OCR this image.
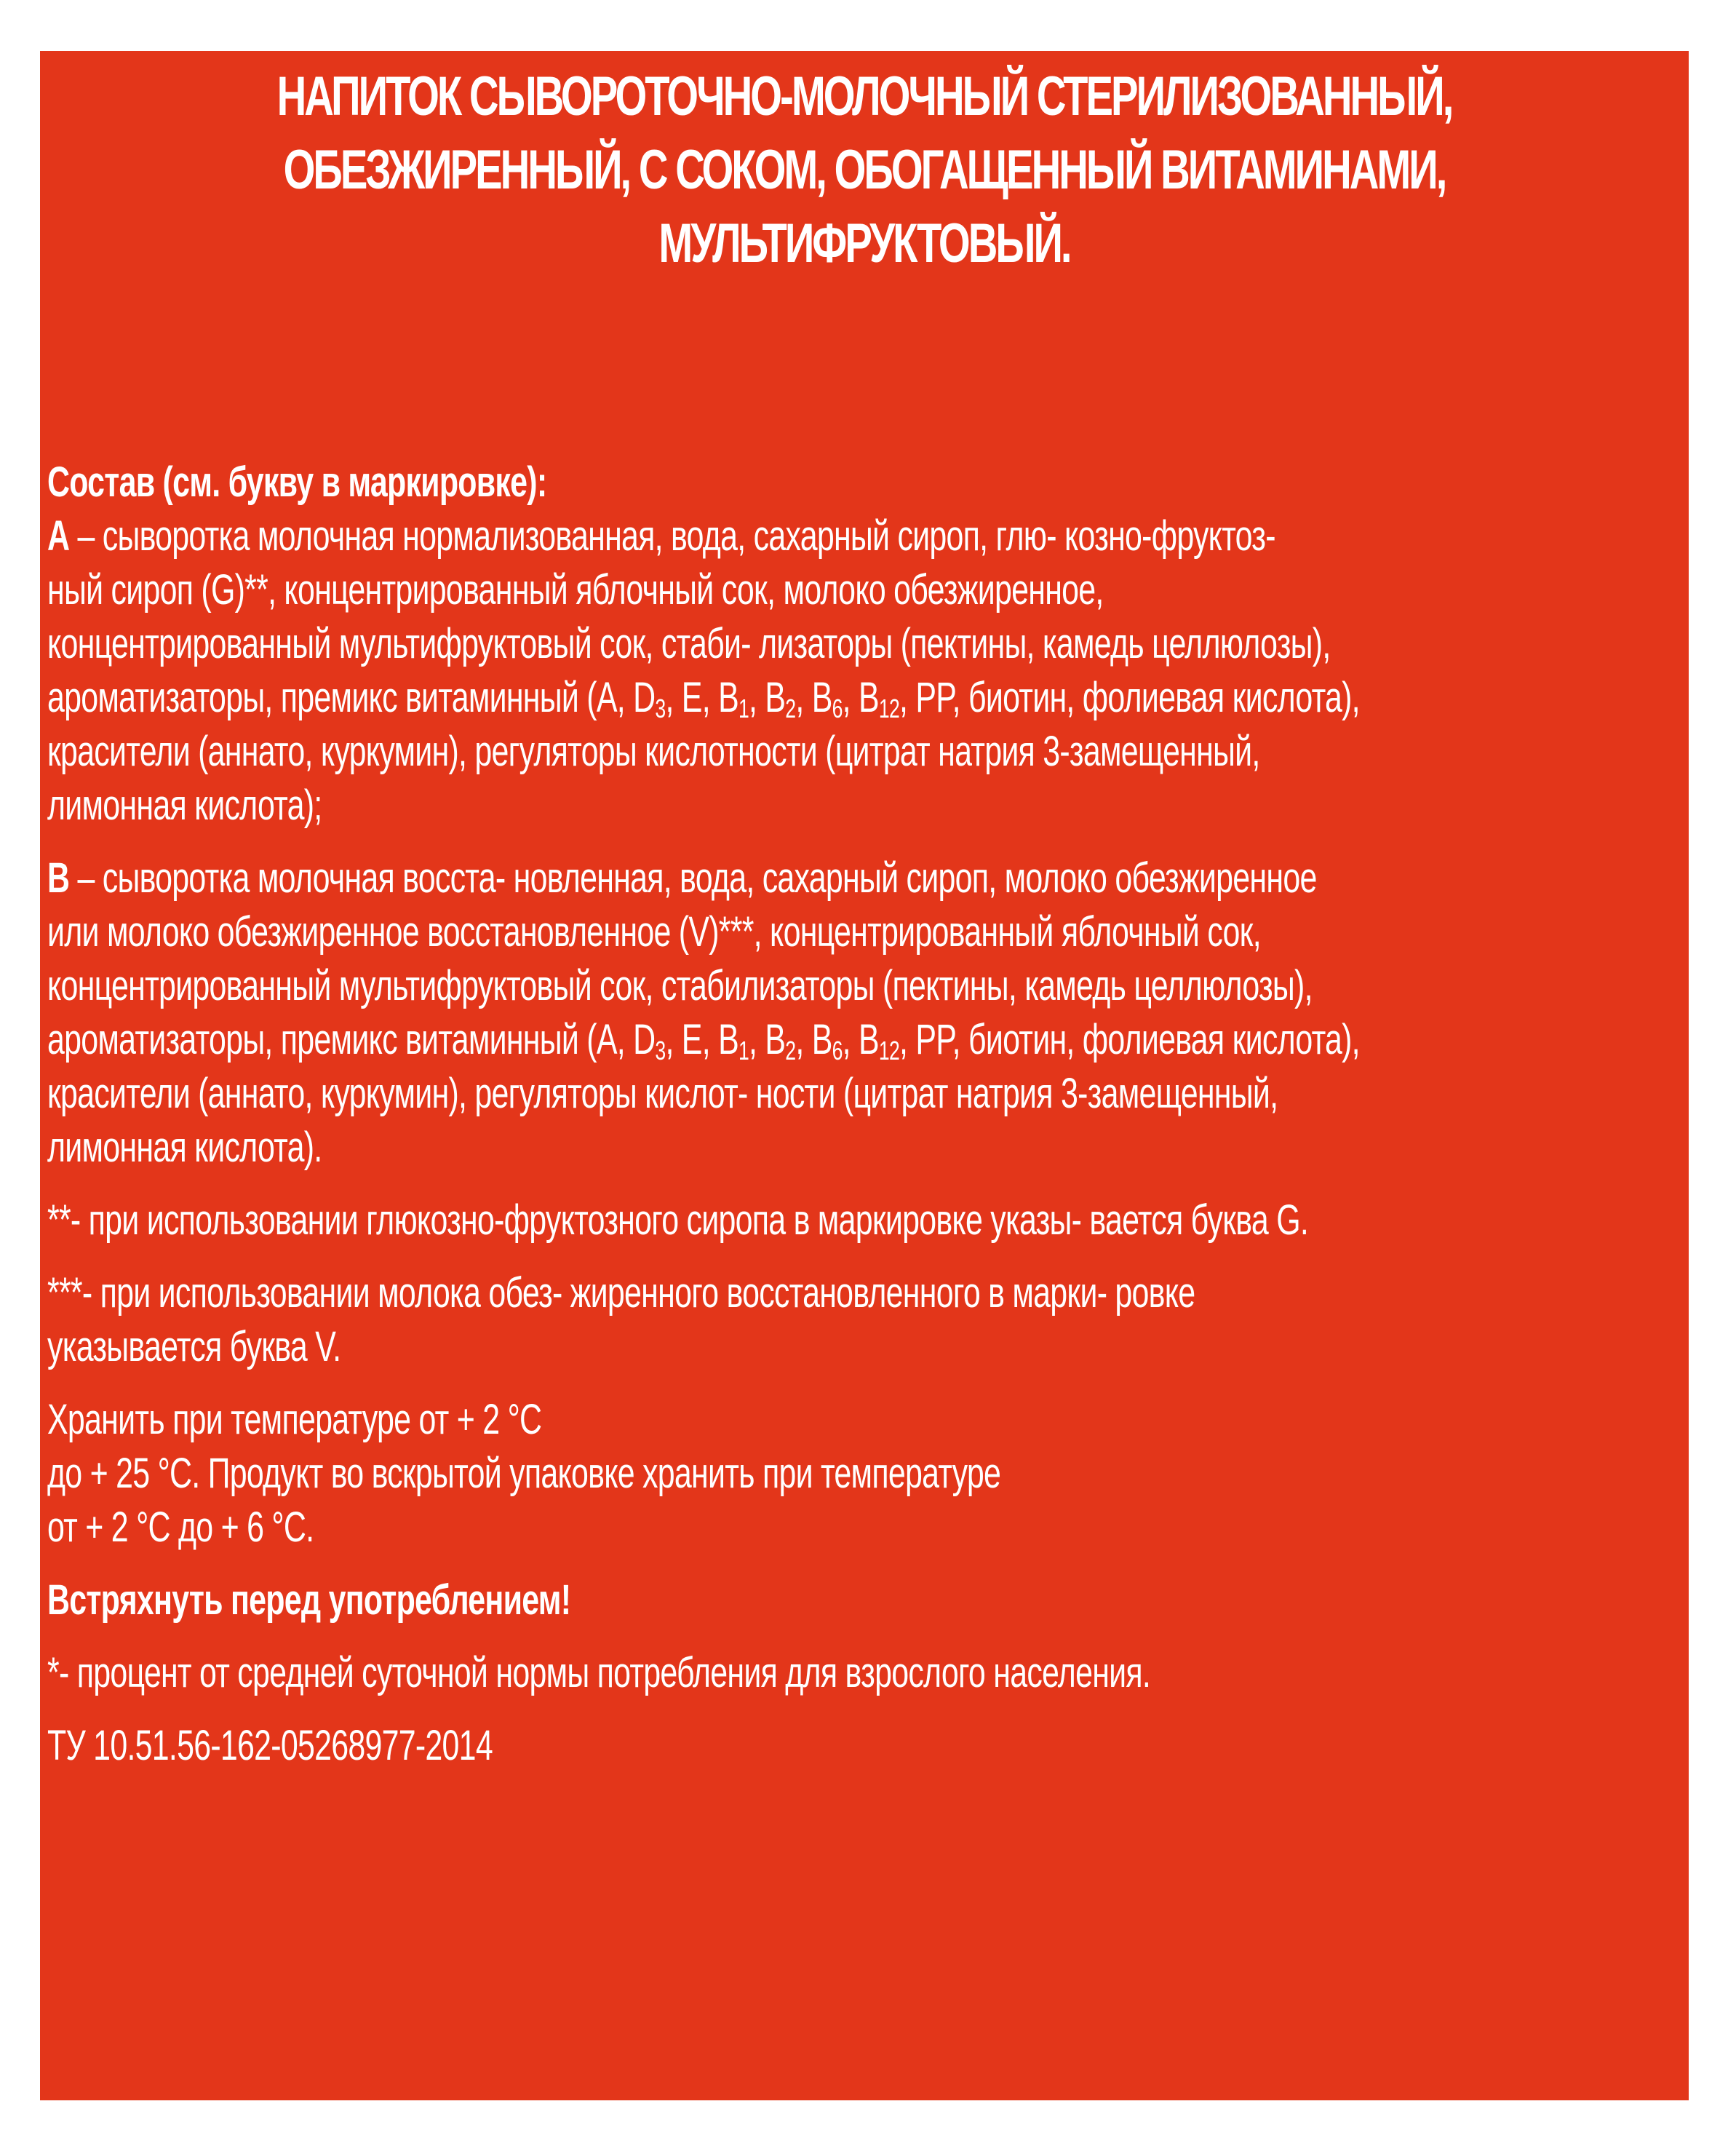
НАПИТОК СЫВОРОТОЧНО-МОЛОЧНЫЙ СТЕРИЛИЗОВАННЫЙ,
ОБЕЗЖИРЕННЫЙ, С СОКОМ, ОБОГАЩЕННЫЙ ВИТАМИНАМИ,
МУЛЬТИФРУКТОВЫЙ.
Состав (см. букву в маркировке):
А – сыворотка молочная нормализованная, вода, сахарный сироп, глю- козно-фруктоз-
ный сироп (G)**, концентрированный яблочный сок, молоко обезжиренное,
концентрированный мультифруктовый сок, стаби- лизаторы (пектины, камедь целлюлозы),
ароматизаторы, премикс витаминный (A, $D_3$, E, $B_1$, $B_2$, $B_6$, $B_{12}$, PP, биотин, фолиевая кислота),
красители (аннато, куркумин), регуляторы кислотности (цитрат натрия 3-замещенный,
лимонная кислота);
В – сыворотка молочная восста- новленная, вода, сахарный сироп, молоко обезжиренное
или молоко обезжиренное восстановленное (V)***, концентрированный яблочный сок,
концентрированный мультифруктовый сок, стабилизаторы (пектины, камедь целлюлозы),
ароматизаторы, премикс витаминный (A, $D_3$, E, $B_1$, $B_2$, $B_6$, $B_{12}$, PP, биотин, фолиевая кислота),
красители (аннато, куркумин), регуляторы кислот- ности (цитрат натрия 3-замещенный,
лимонная кислота).
**- при использовании глюкозно-фруктозного сиропа в маркировке указы- вается буква G.
***- при использовании молока обез- жиренного восстановленного в марки- ровке
указывается буква V.
Хранить при температуре от + 2 °C
до + 25 °C. Продукт во вскрытой упаковке хранить при температуре
от + 2 °C до + 6 °C.
Встряхнуть перед употреблением!
*- процент от средней суточной нормы потребления для взрослого населения.
ТУ 10.51.56-162-05268977-2014
